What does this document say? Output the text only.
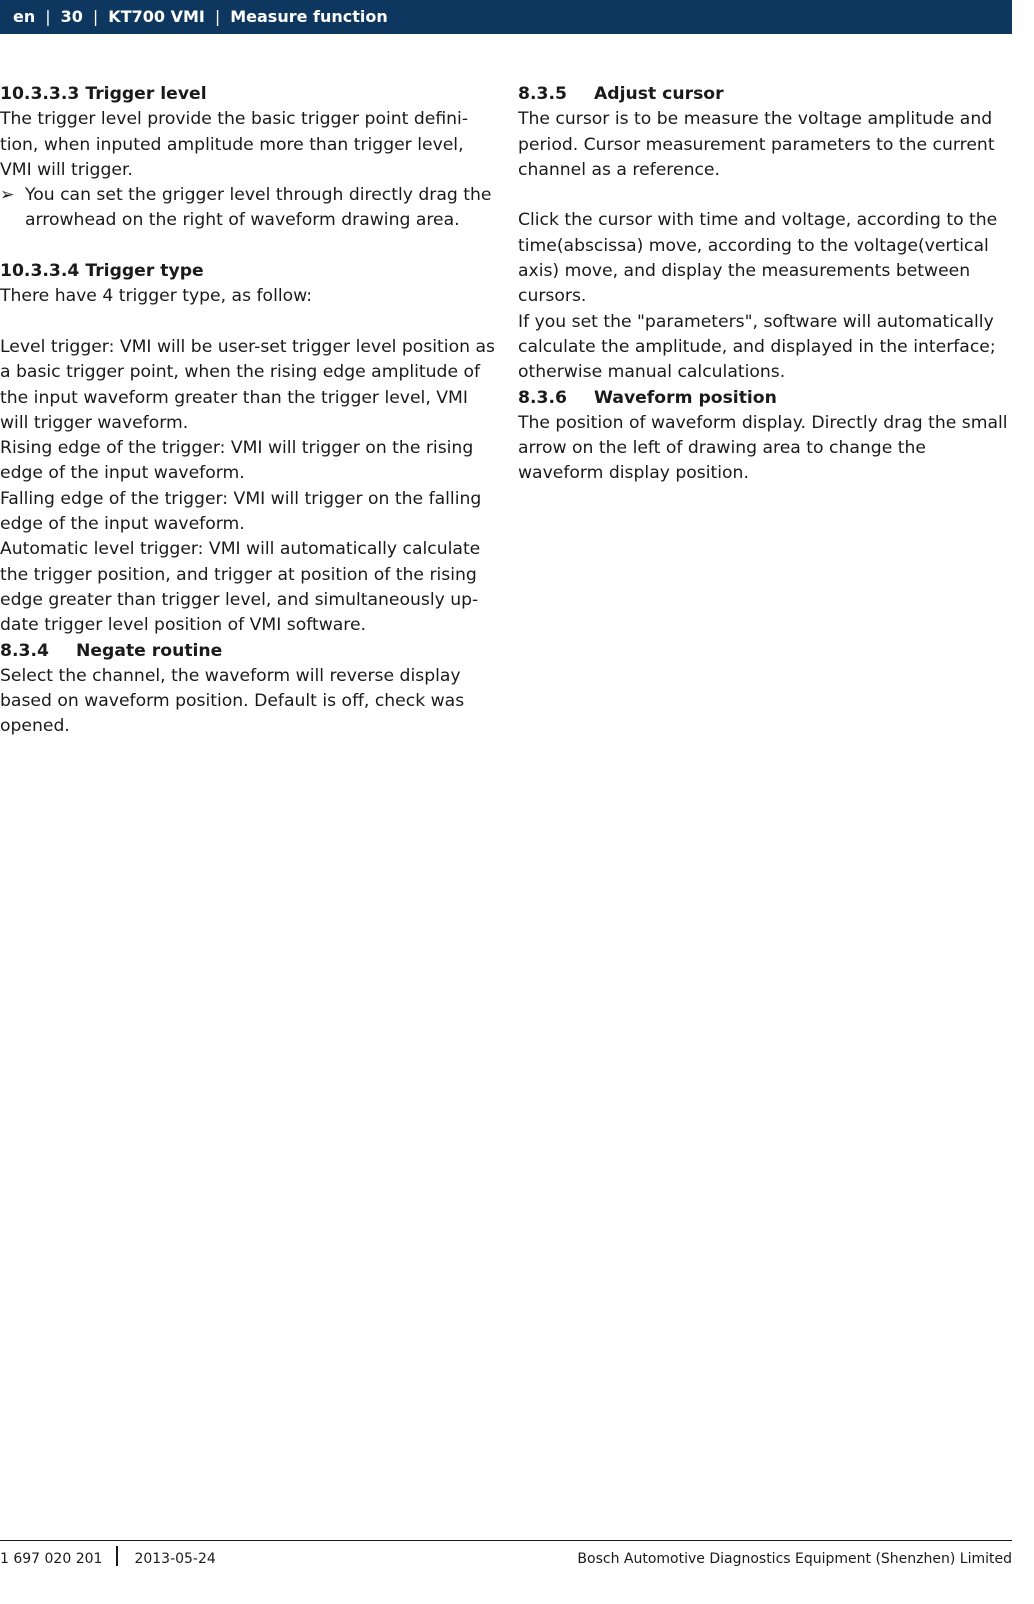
en | 30 | KT700 VMI | Measure function
10.3.3.3 Trigger level

The trigger level provide the basic trigger point defini-tion, when inputed amplitude more than trigger level, VMI will trigger.

➢ You can set the grigger level through directly drag the arrowhead on the right of waveform drawing area.
10.3.3.4 Trigger type

There have 4 trigger type, as follow:

Level trigger: VMI will be user-set trigger level position as a basic trigger point, when the rising edge amplitude of the input waveform greater than the trigger level, VMI will trigger waveform.

Rising edge of the trigger: VMI will trigger on the rising edge of the input waveform.

Falling edge of the trigger: VMI will trigger on the falling edge of the input waveform.

Automatic level trigger: VMI will automatically calculate the trigger position, and trigger at position of the rising edge greater than trigger level, and simultaneously up-date trigger level position of VMI software.

8.3.4 Negate routine

Select the channel, the waveform will reverse display based on waveform position. Default is off, check was opened.

8.3.5 Adjust cursor

The cursor is to be measure the voltage amplitude and period. Cursor measurement parameters to the current channel as a reference.

Click the cursor with time and voltage, according to the time(abscissa) move, according to the voltage(vertical axis) move, and display the measurements between cursors.

If you set the "parameters", software will automatically calculate the amplitude, and displayed in the interface; otherwise manual calculations.

8.3.6 Waveform position

The position of waveform display. Directly drag the small arrow on the left of drawing area to change the waveform display position.

1 697 020 201 2013-05-24	Bosch Automotive Diagnostics Equipment (Shenzhen) Limited
